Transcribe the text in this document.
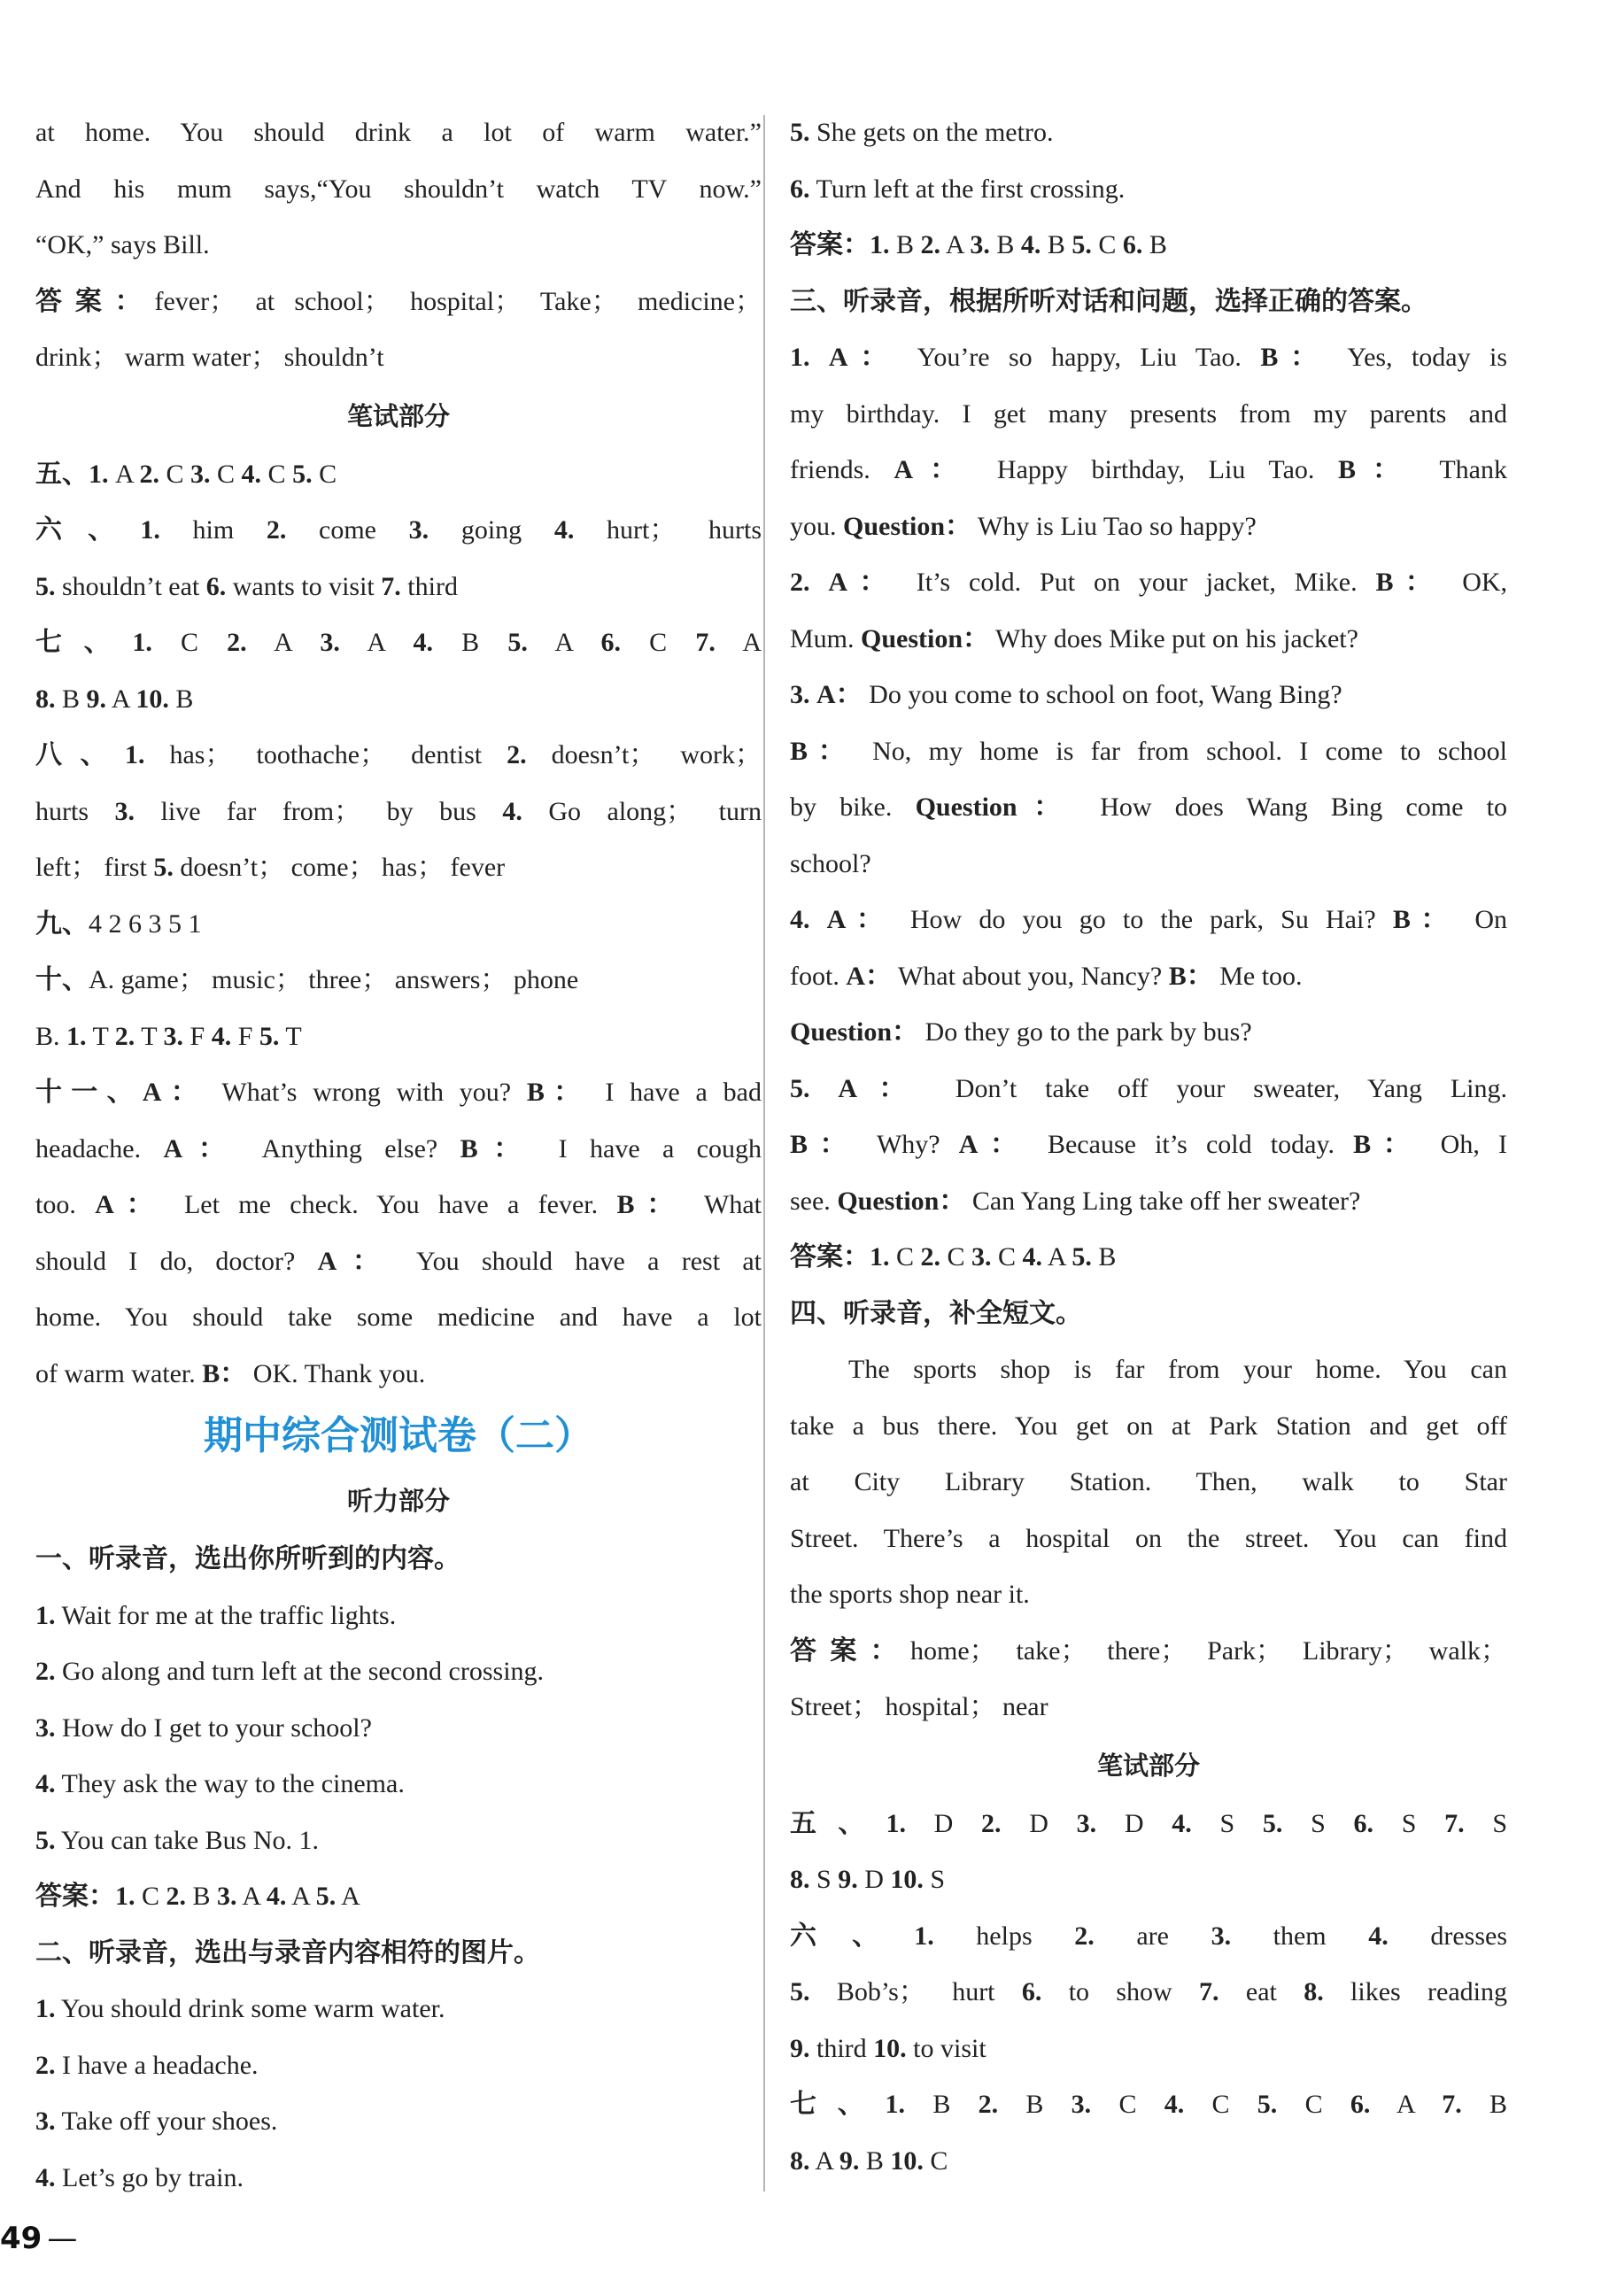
at home. You should drink a lot of warm water.”
And his mum says,“You shouldn’t watch TV now.”
“OK,” says Bill.
答案：fever； at school； hospital； Take； medicine；
drink； warm water； shouldn’t
笔试部分
五、1. A 2. C 3. C 4. C 5. C
六、1. him 2. come 3. going 4. hurt； hurts
5. shouldn’t eat 6. wants to visit 7. third
七、1. C 2. A 3. A 4. B 5. A 6. C 7. A
8. B 9. A 10. B
八、1. has； toothache； dentist 2. doesn’t； work；
hurts 3. live far from； by bus 4. Go along； turn
left； first 5. doesn’t； come； has； fever
九、4 2 6 3 5 1
十、A. game； music； three； answers； phone
B. 1. T 2. T 3. F 4. F 5. T
十一、A： What’s wrong with you? B： I have a bad
headache. A： Anything else? B： I have a cough
too. A： Let me check. You have a fever. B： What
should I do, doctor? A： You should have a rest at
home. You should take some medicine and have a lot
of warm water. B： OK. Thank you.
期中综合测试卷（二）
听力部分
一、听录音，选出你所听到的内容。
1. Wait for me at the traffic lights.
2. Go along and turn left at the second crossing.
3. How do I get to your school?
4. They ask the way to the cinema.
5. You can take Bus No. 1.
答案：1. C 2. B 3. A 4. A 5. A
二、听录音，选出与录音内容相符的图片。
1. You should drink some warm water.
2. I have a headache.
3. Take off your shoes.
4. Let’s go by train.
5. She gets on the metro.
6. Turn left at the first crossing.
答案：1. B 2. A 3. B 4. B 5. C 6. B
三、听录音，根据所听对话和问题，选择正确的答案。
1. A： You’re so happy, Liu Tao. B： Yes, today is
my birthday. I get many presents from my parents and
friends. A： Happy birthday, Liu Tao. B： Thank
you. Question： Why is Liu Tao so happy?
2. A： It’s cold. Put on your jacket, Mike. B： OK,
Mum. Question： Why does Mike put on his jacket?
3. A： Do you come to school on foot, Wang Bing?
B： No, my home is far from school. I come to school
by bike. Question： How does Wang Bing come to
school?
4. A： How do you go to the park, Su Hai? B： On
foot. A： What about you, Nancy? B： Me too.
Question： Do they go to the park by bus?
5. A： Don’t take off your sweater, Yang Ling.
B： Why? A： Because it’s cold today. B： Oh, I
see. Question： Can Yang Ling take off her sweater?
答案：1. C 2. C 3. C 4. A 5. B
四、听录音，补全短文。
The sports shop is far from your home. You can
take a bus there. You get on at Park Station and get off
at City Library Station. Then, walk to Star
Street. There’s a hospital on the street. You can find
the sports shop near it.
答案：home； take； there； Park； Library； walk；
Street； hospital； near
笔试部分
五、1. D 2. D 3. D 4. S 5. S 6. S 7. S
8. S 9. D 10. S
六、1. helps 2. are 3. them 4. dresses
5. Bob’s； hurt 6. to show 7. eat 8. likes reading
9. third 10. to visit
七、1. B 2. B 3. C 4. C 5. C 6. A 7. B
8. A 9. B 10. C
49 —
